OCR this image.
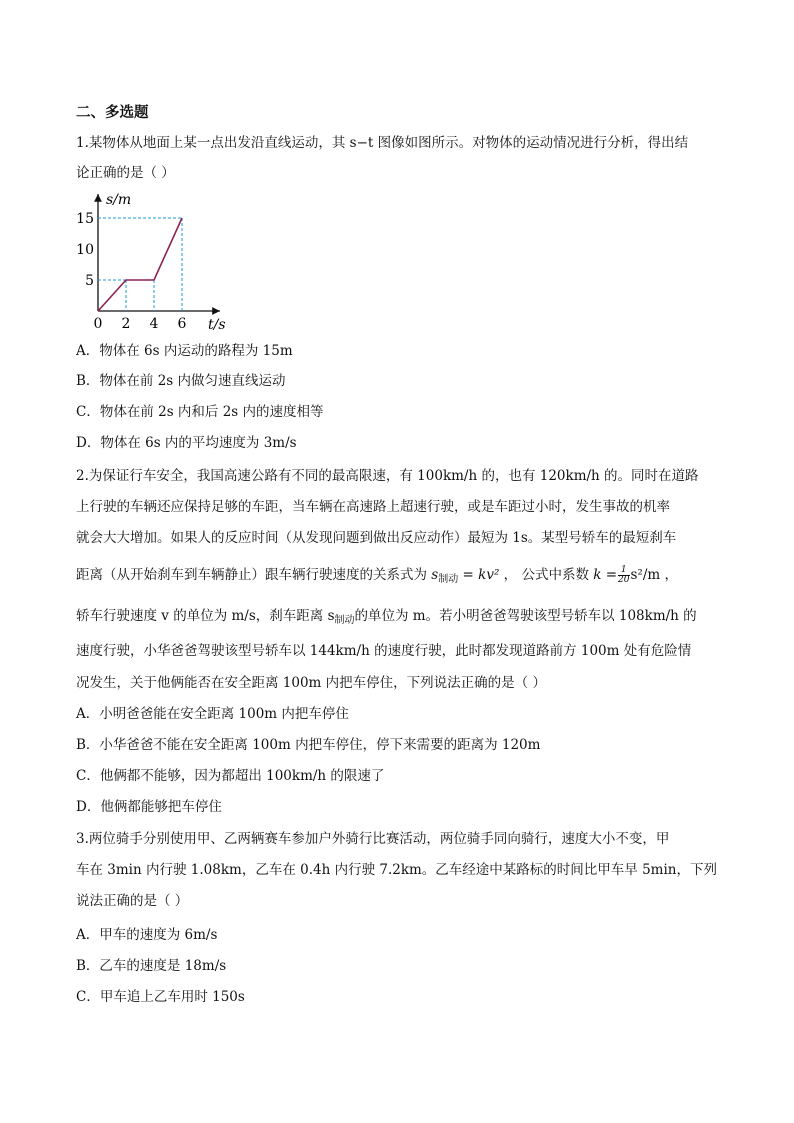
二、多选题
1.某物体从地面上某一点出发沿直线运动，其 s−t 图像如图所示。对物体的运动情况进行分析，得出结
论正确的是（ ）
0 2 4 6
5
10
15
s/m
t/s
A．物体在 6s 内运动的路程为 15m
B．物体在前 2s 内做匀速直线运动
C．物体在前 2s 内和后 2s 内的速度相等
D．物体在 6s 内的平均速度为 3m/s
2.为保证行车安全，我国高速公路有不同的最高限速，有 100km/h 的，也有 120km/h 的。同时在道路
上行驶的车辆还应保持足够的车距，当车辆在高速路上超速行驶，或是车距过小时，发生事故的机率
就会大大增加。如果人的反应时间（从发现问题到做出反应动作）最短为 1s。某型号轿车的最短刹车
距离（从开始刹车到车辆静止）跟车辆行驶速度的关系式为 $s_{制动} = kv^2$ ， 公式中系数 $k = \frac{1}{20} s^2/m$ ，
轿车行驶速度 v 的单位为 m/s，刹车距离 $s_{制动}$的单位为 m。若小明爸爸驾驶该型号轿车以 108km/h 的
速度行驶，小华爸爸驾驶该型号轿车以 144km/h 的速度行驶，此时都发现道路前方 100m 处有危险情
况发生，关于他俩能否在安全距离 100m 内把车停住，下列说法正确的是（ ）
A．小明爸爸能在安全距离 100m 内把车停住
B．小华爸爸不能在安全距离 100m 内把车停住，停下来需要的距离为 120m
C．他俩都不能够，因为都超出 100km/h 的限速了
D．他俩都能够把车停住
3.两位骑手分别使用甲、乙两辆赛车参加户外骑行比赛活动，两位骑手同向骑行，速度大小不变，甲
车在 3min 内行驶 1.08km，乙车在 0.4h 内行驶 7.2km。乙车经途中某路标的时间比甲车早 5min，下列
说法正确的是（ ）
A．甲车的速度为 6m/s
B．乙车的速度是 18m/s
C．甲车追上乙车用时 150s
